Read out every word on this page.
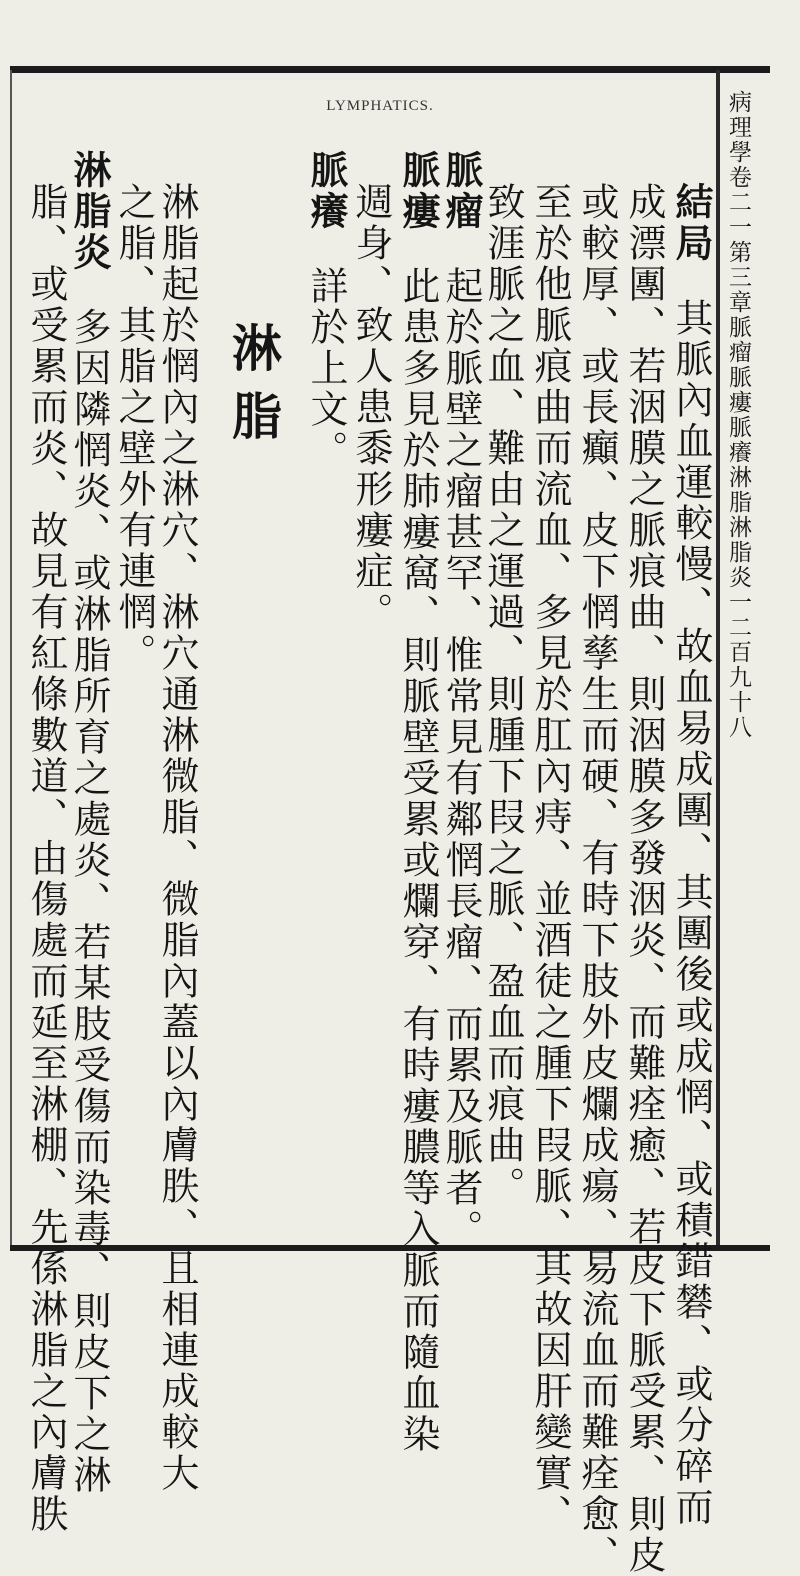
LYMPHATICS.	病理學卷二一第三章脈瘤脈瘻脈癢淋脂淋脂炎一二百九十八
結局其脈內血運較慢、故血易成團、其團後或成惘、或積錯礬、或分碎而
成漂團、若洇膜之脈痕曲、則洇膜多發洇炎、而難痊癒、若皮下脈受累、則皮
或較厚、或長癲、皮下惘孳生而硬、有時下肢外皮爛成瘍、易流血而難痊愈、
至於他脈痕曲而流血、多見於肛內痔、並酒徒之腫下叚脈、其故因肝變實、
致涯脈之血、難由之運過、則腫下叚之脈、盈血而痕曲。
脈瘤起於脈壁之瘤甚罕、惟常見有鄰惘長瘤、而累及脈者。
脈瘻此患多見於肺瘻窩、則脈壁受累或爛穿、有時瘻膿等入脈而隨血染
週身、致人患黍形瘻症。
脈癢詳於上文。
淋脂
淋脂起於惘內之淋穴、淋穴通淋微脂、微脂內蓋以內膚胅、且相連成較大
之脂、其脂之壁外有連惘。
淋脂炎多因隣惘炎、或淋脂所育之處炎、若某肢受傷而染毒、則皮下之淋
脂、或受累而炎、故見有紅條數道、由傷處而延至淋棚、先係淋脂之內膚胅
